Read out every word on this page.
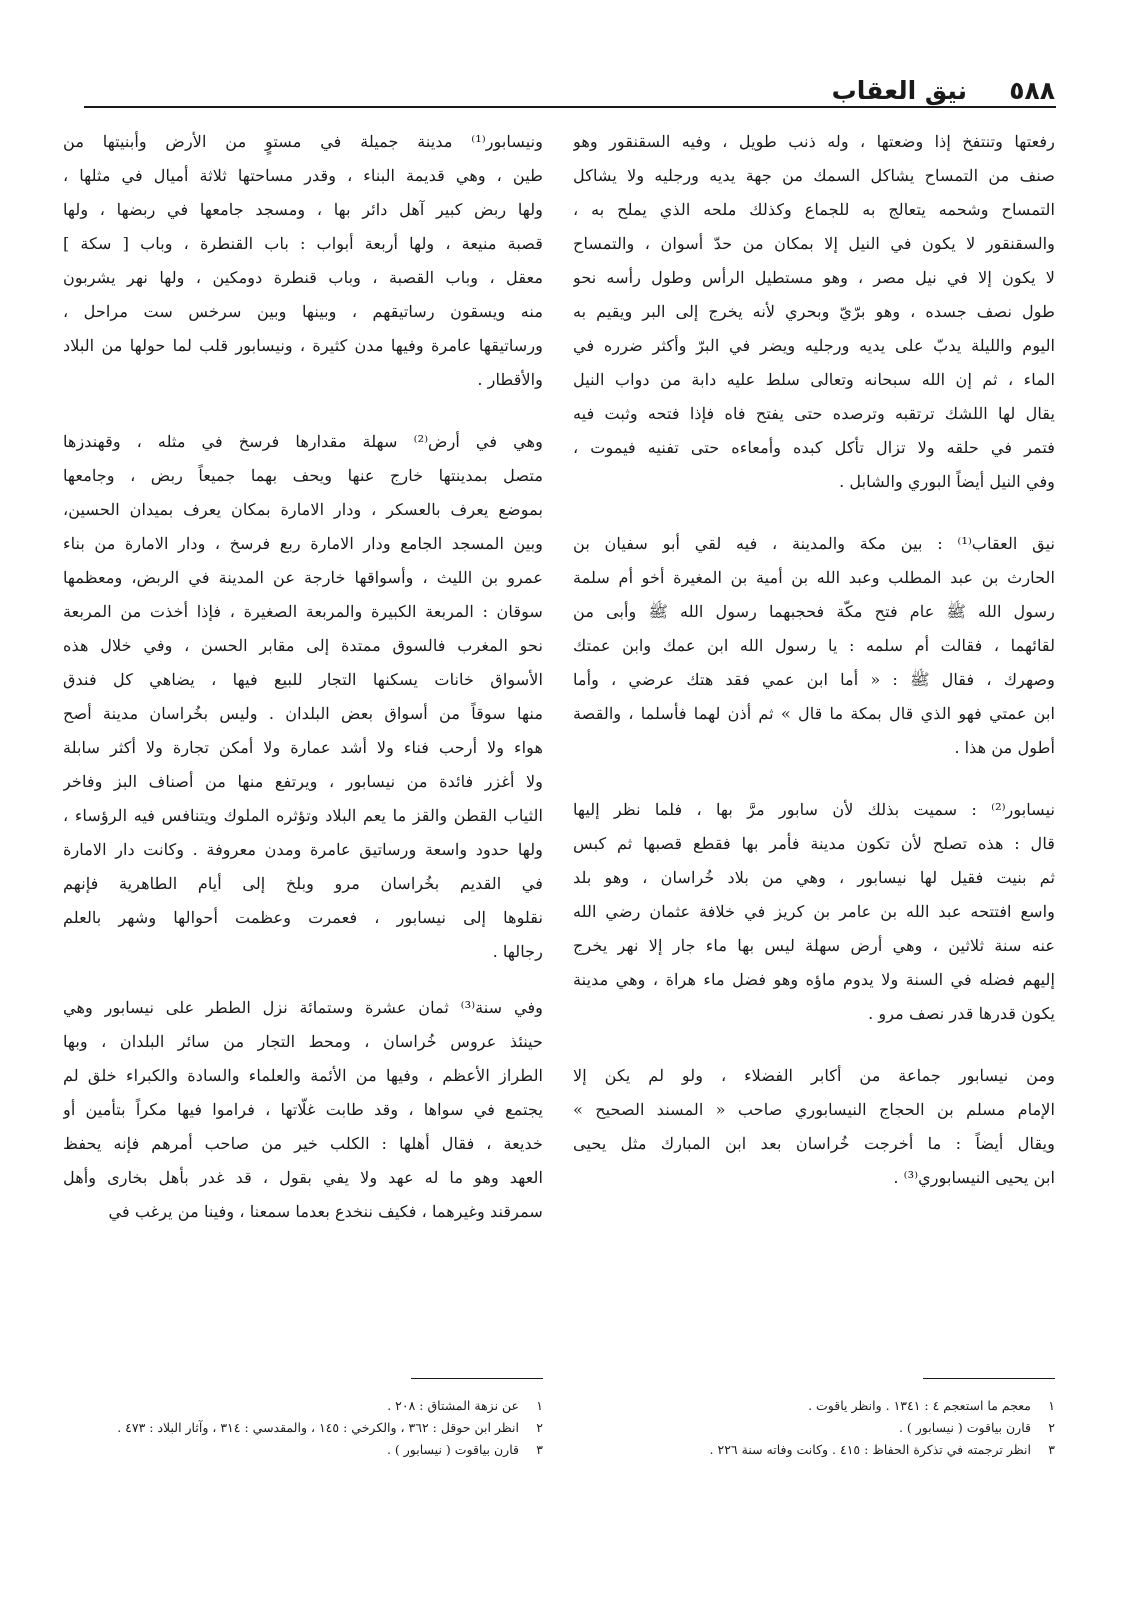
٥٨٨
نيق العقاب
رفعتها وتنتفخ إذا وضعتها ، وله ذنب طويل ، وفيه السقنقور وهو
صنف من التمساح يشاكل السمك من جهة يديه ورجليه ولا يشاكل
التمساح وشحمه يتعالج به للجماع وكذلك ملحه الذي يملح به ،
والسقنقور لا يكون في النيل إلا بمكان من حدّ أسوان ، والتمساح
لا يكون إلا في نيل مصر ، وهو مستطيل الرأس وطول رأسه نحو
طول نصف جسده ، وهو برّيّ وبحري لأنه يخرج إلى البر ويقيم به
اليوم والليلة يدبّ على يديه ورجليه ويضر في البرّ وأكثر ضرره في
الماء ، ثم إن الله سبحانه وتعالى سلط عليه دابة من دواب النيل
يقال لها اللشك ترتقبه وترصده حتى يفتح فاه فإذا فتحه وثبت فيه
فتمر في حلقه ولا تزال تأكل كبده وأمعاءه حتى تفنيه فيموت ،
وفي النيل أيضاً البوري والشابل .
نيق العقاب⁽¹⁾ : بين مكة والمدينة ، فيه لقي أبو سفيان بن
الحارث بن عبد المطلب وعبد الله بن أمية بن المغيرة أخو أم سلمة
رسول الله ﷺ عام فتح مكّة فحجبهما رسول الله ﷺ وأبى من
لقائهما ، فقالت أم سلمه : يا رسول الله ابن عمك وابن عمتك
وصهرك ، فقال ﷺ : « أما ابن عمي فقد هتك عرضي ، وأما
ابن عمتي فهو الذي قال بمكة ما قال » ثم أذن لهما فأسلما ، والقصة
أطول من هذا .
نيسابور⁽²⁾ : سميت بذلك لأن سابور مرَّ بها ، فلما نظر إليها
قال : هذه تصلح لأن تكون مدينة فأمر بها فقطع قصبها ثم كبس
ثم بنيت فقيل لها نيسابور ، وهي من بلاد خُراسان ، وهو بلد
واسع افتتحه عبد الله بن عامر بن كريز في خلافة عثمان رضي الله
عنه سنة ثلاثين ، وهي أرض سهلة ليس بها ماء جار إلا نهر يخرج
إليهم فضله في السنة ولا يدوم ماؤه وهو فضل ماء هراة ، وهي مدينة
يكون قدرها قدر نصف مرو .
ومن نيسابور جماعة من أكابر الفضلاء ، ولو لم يكن إلا
الإمام مسلم بن الحجاج النيسابوري صاحب « المسند الصحيح »
ويقال أيضاً : ما أخرجت خُراسان بعد ابن المبارك مثل يحيى
ابن يحيى النيسابوري⁽³⁾ .
ونيسابور⁽¹⁾ مدينة جميلة في مستوٍ من الأرض وأبنيتها من
طين ، وهي قديمة البناء ، وقدر مساحتها ثلاثة أميال في مثلها ،
ولها ربض كبير آهل دائر بها ، ومسجد جامعها في ربضها ، ولها
قصبة منيعة ، ولها أربعة أبواب : باب القنطرة ، وباب [ سكة ]
معقل ، وباب القصبة ، وباب قنطرة دومكين ، ولها نهر يشربون
منه ويسقون رساتيقهم ، وبينها وبين سرخس ست مراحل ،
ورساتيقها عامرة وفيها مدن كثيرة ، ونيسابور قلب لما حولها من البلاد
والأقطار .
وهي في أرض⁽²⁾ سهلة مقدارها فرسخ في مثله ، وقهندزها
متصل بمدينتها خارج عنها ويحف بهما جميعاً ربض ، وجامعها
بموضع يعرف بالعسكر ، ودار الامارة بمكان يعرف بميدان الحسين،
وبين المسجد الجامع ودار الامارة ربع فرسخ ، ودار الامارة من بناء
عمرو بن الليث ، وأسواقها خارجة عن المدينة في الربض، ومعظمها
سوقان : المربعة الكبيرة والمربعة الصغيرة ، فإذا أخذت من المربعة
نحو المغرب فالسوق ممتدة إلى مقابر الحسن ، وفي خلال هذه
الأسواق خانات يسكنها التجار للبيع فيها ، يضاهي كل فندق
منها سوقاً من أسواق بعض البلدان . وليس بخُراسان مدينة أصح
هواء ولا أرحب فناء ولا أشد عمارة ولا أمكن تجارة ولا أكثر سابلة
ولا أغزر فائدة من نيسابور ، ويرتفع منها من أصناف البز وفاخر
الثياب القطن والقز ما يعم البلاد وتؤثره الملوك ويتنافس فيه الرؤساء ،
ولها حدود واسعة ورساتيق عامرة ومدن معروفة . وكانت دار الامارة
في القديم بخُراسان مرو وبلخ إلى أيام الطاهرية فإنهم
نقلوها إلى نيسابور ، فعمرت وعظمت أحوالها وشهر بالعلم
رجالها .
وفي سنة⁽³⁾ ثمان عشرة وستمائة نزل الططر على نيسابور وهي
حينئذ عروس خُراسان ، ومحط التجار من سائر البلدان ، وبها
الطراز الأعظم ، وفيها من الأئمة والعلماء والسادة والكبراء خلق لم
يجتمع في سواها ، وقد طابت غلّاتها ، فراموا فيها مكراً بتأمين أو
خديعة ، فقال أهلها : الكلب خير من صاحب أمرهم فإنه يحفظ
العهد وهو ما له عهد ولا يفي بقول ، قد غدر بأهل بخارى وأهل
سمرقند وغيرهما ، فكيف ننخدع بعدما سمعنا ، وفينا من يرغب في
١معجم ما استعجم ٤ : ١٣٤١ . وانظر ياقوت .
٢قارن بياقوت ( نيسابور ) .
٣انظر ترجمته في تذكرة الحفاظ : ٤١٥ . وكانت وفاته سنة ٢٢٦ .
١عن نزهة المشتاق : ٢٠٨ .
٢انظر ابن حوقل : ٣٦٢ ، والكرخي : ١٤٥ ، والمقدسي : ٣١٤ ، وآثار البلاد : ٤٧٣ .
٣قارن بياقوت ( نيسابور ) .
